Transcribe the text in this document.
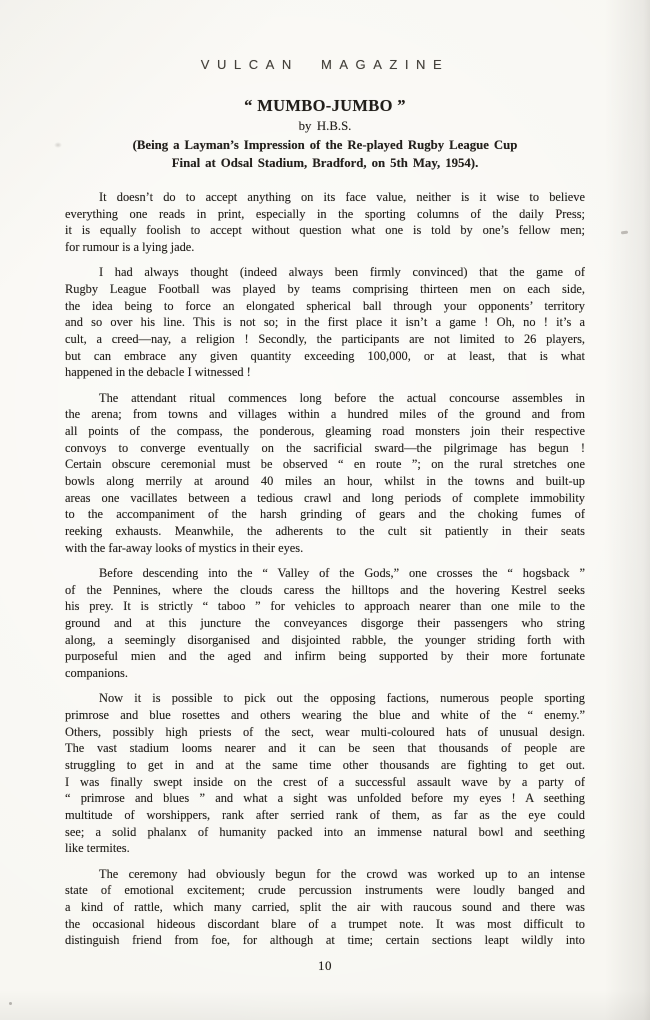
VULCAN MAGAZINE
“ MUMBO-JUMBO ”
by H.B.S.
(Being a Layman’s Impression of the Re-played Rugby League Cup
Final at Odsal Stadium, Bradford, on 5th May, 1954).

It doesn’t do to accept anything on its face value, neither is it wise to believe
everything one reads in print, especially in the sporting columns of the daily Press;
it is equally foolish to accept without question what one is told by one’s fellow men;
for rumour is a lying jade.

I had always thought (indeed always been firmly convinced) that the game of
Rugby League Football was played by teams comprising thirteen men on each side,
the idea being to force an elongated spherical ball through your opponents’ territory
and so over his line. This is not so; in the first place it isn’t a game ! Oh, no ! it’s a
cult, a creed—nay, a religion ! Secondly, the participants are not limited to 26 players,
but can embrace any given quantity exceeding 100,000, or at least, that is what
happened in the debacle I witnessed !

The attendant ritual commences long before the actual concourse assembles in
the arena; from towns and villages within a hundred miles of the ground and from
all points of the compass, the ponderous, gleaming road monsters join their respective
convoys to converge eventually on the sacrificial sward—the pilgrimage has begun !
Certain obscure ceremonial must be observed “ en route ”; on the rural stretches one
bowls along merrily at around 40 miles an hour, whilst in the towns and built-up
areas one vacillates between a tedious crawl and long periods of complete immobility
to the accompaniment of the harsh grinding of gears and the choking fumes of
reeking exhausts. Meanwhile, the adherents to the cult sit patiently in their seats
with the far-away looks of mystics in their eyes.

Before descending into the “ Valley of the Gods,” one crosses the “ hogsback ”
of the Pennines, where the clouds caress the hilltops and the hovering Kestrel seeks
his prey. It is strictly “ taboo ” for vehicles to approach nearer than one mile to the
ground and at this juncture the conveyances disgorge their passengers who string
along, a seemingly disorganised and disjointed rabble, the younger striding forth with
purposeful mien and the aged and infirm being supported by their more fortunate
companions.

Now it is possible to pick out the opposing factions, numerous people sporting
primrose and blue rosettes and others wearing the blue and white of the “ enemy.”
Others, possibly high priests of the sect, wear multi-coloured hats of unusual design.
The vast stadium looms nearer and it can be seen that thousands of people are
struggling to get in and at the same time other thousands are fighting to get out.
I was finally swept inside on the crest of a successful assault wave by a party of
“ primrose and blues ” and what a sight was unfolded before my eyes ! A seething
multitude of worshippers, rank after serried rank of them, as far as the eye could
see; a solid phalanx of humanity packed into an immense natural bowl and seething
like termites.

The ceremony had obviously begun for the crowd was worked up to an intense
state of emotional excitement; crude percussion instruments were loudly banged and
a kind of rattle, which many carried, split the air with raucous sound and there was
the occasional hideous discordant blare of a trumpet note. It was most difficult to
distinguish friend from foe, for although at time; certain sections leapt wildly into

10
